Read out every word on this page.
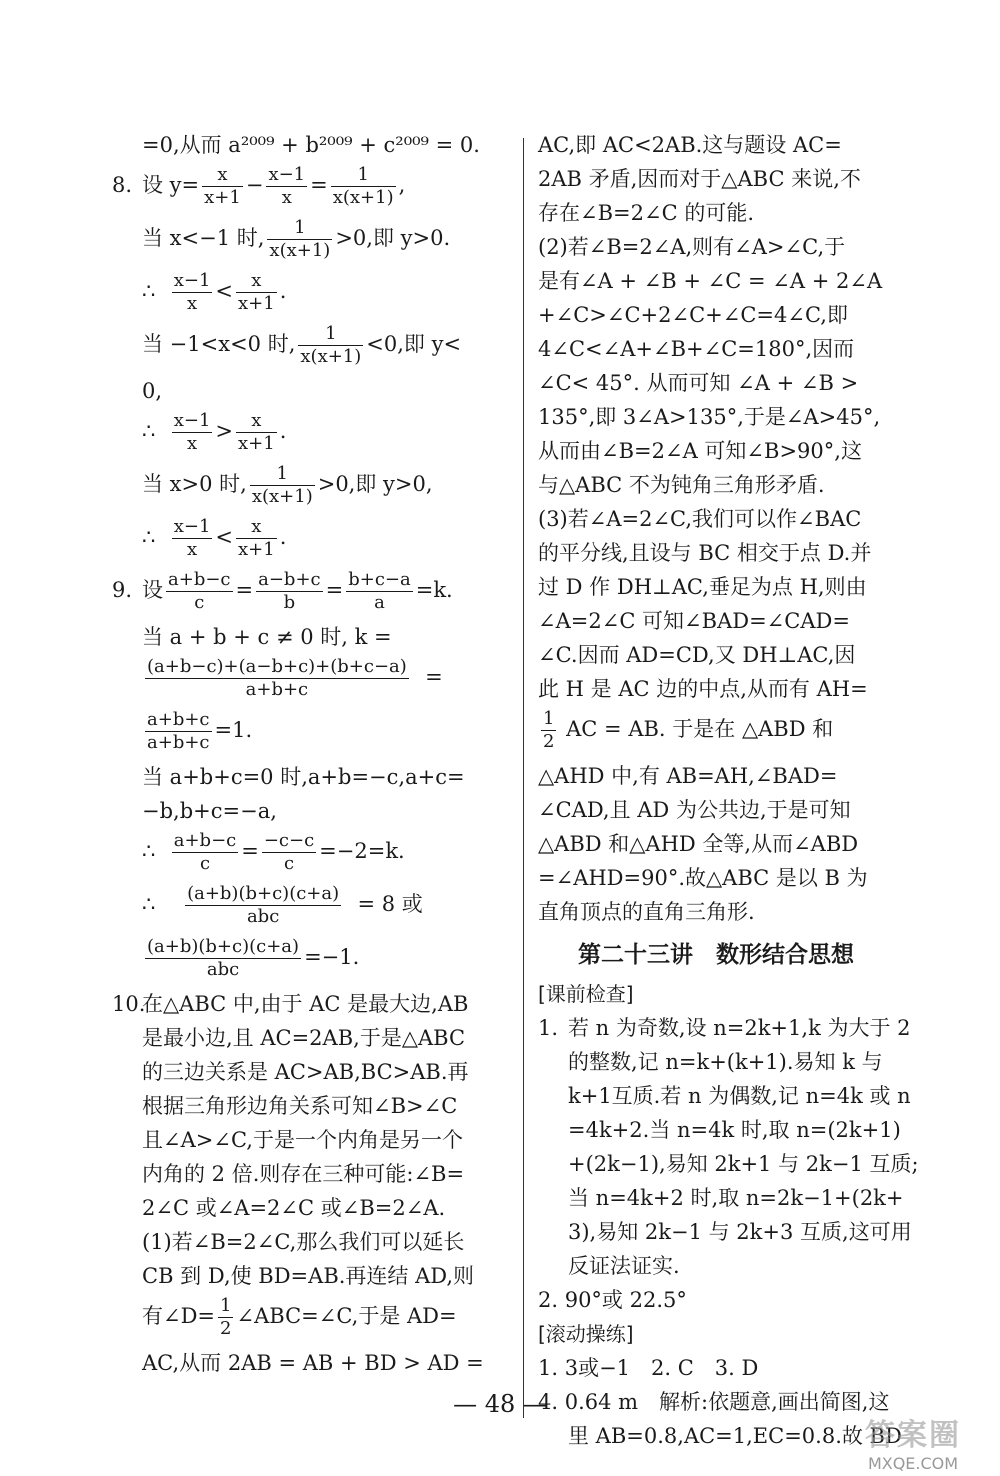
=0,从而 a²⁰⁰⁹ + b²⁰⁰⁹ + c²⁰⁰⁹ = 0.
8. 设 $y= \frac{x}{x+1} - \frac{x-1}{x} = \frac{1}{x(x+1)}$ ,
当 x<−1 时, $\frac{1}{x(x+1)} >0$,即 y>0.
∴ $\frac{x-1}{x} < \frac{x}{x+1}$ .
当 −1<x<0 时, $\frac{1}{x(x+1)} <0$,即 y<
0,
∴ $\frac{x-1}{x} > \frac{x}{x+1}$ .
当 x>0 时, $\frac{1}{x(x+1)} >0$,即 y>0,
∴ $\frac{x-1}{x} < \frac{x}{x+1}$ .
9. 设 $\frac{a+b-c}{c} = \frac{a-b+c}{b} = \frac{b+c-a}{a} =k$.
当 a + b + c ≠ 0 时, k =
$\frac{(a+b-c)+(a-b+c)+(b+c-a)}{a+b+c}$ =
$\frac{a+b+c}{a+b+c} =1$.
当 a+b+c=0 时,a+b=−c,a+c=
−b,b+c=−a,
∴ $\frac{a+b-c}{c} = \frac{-c-c}{c} =-2=k$.
∴ $\frac{(a+b)(b+c)(c+a)}{\text{abc}} = 8$ 或
$\frac{(a+b)(b+c)(c+a)}{\text{abc}} =-1$.
10.在△ABC 中,由于 AC 是最大边,AB
是最小边,且 AC=2AB,于是△ABC
的三边关系是 AC>AB,BC>AB.再
根据三角形边角关系可知∠B>∠C
且∠A>∠C,于是一个内角是另一个
内角的 2 倍.则存在三种可能:∠B=
2∠C 或∠A=2∠C 或∠B=2∠A.
(1)若∠B=2∠C,那么我们可以延长
CB 到 D,使 BD=AB.再连结 AD,则
有∠D= $\frac{1}{2}$ ∠ABC=∠C,于是 AD=
AC,从而 2AB = AB + BD > AD =
AC,即 AC<2AB.这与题设 AC=
2AB 矛盾,因而对于△ABC 来说,不
存在∠B=2∠C 的可能.
(2)若∠B=2∠A,则有∠A>∠C,于
是有∠A + ∠B + ∠C = ∠A + 2∠A
+∠C>∠C+2∠C+∠C=4∠C,即
4∠C<∠A+∠B+∠C=180°,因而
∠C< 45°. 从而可知 ∠A + ∠B >
135°,即 3∠A>135°,于是∠A>45°,
从而由∠B=2∠A 可知∠B>90°,这
与△ABC 不为钝角三角形矛盾.
(3)若∠A=2∠C,我们可以作∠BAC
的平分线,且设与 BC 相交于点 D.并
过 D 作 DH⊥AC,垂足为点 H,则由
∠A=2∠C 可知∠BAD=∠CAD=
∠C.因而 AD=CD,又 DH⊥AC,因
此 H 是 AC 边的中点,从而有 AH=
$\frac{1}{2}$ AC = AB. 于是在 △ABD 和
△AHD 中,有 AB=AH,∠BAD=
∠CAD,且 AD 为公共边,于是可知
△ABD 和△AHD 全等,从而∠ABD
=∠AHD=90°.故△ABC 是以 B 为
直角顶点的直角三角形.
第二十三讲　数形结合思想
[课前检查]
1. 若 n 为奇数,设 n=2k+1,k 为大于 2
的整数,记 n=k+(k+1).易知 k 与
k+1互质.若 n 为偶数,记 n=4k 或 n
=4k+2.当 n=4k 时,取 n=(2k+1)
+(2k−1),易知 2k+1 与 2k−1 互质;
当 n=4k+2 时,取 n=2k−1+(2k+
3),易知 2k−1 与 2k+3 互质,这可用
反证法证实.
2. 90°或 22.5°
[滚动操练]
1. 3或−1　2. C　3. D
4. 0.64 m　解析:依题意,画出简图,这
里 AB=0.8,AC=1,EC=0.8.故 BD
— 48 —
答案圈
MXQE.COM
